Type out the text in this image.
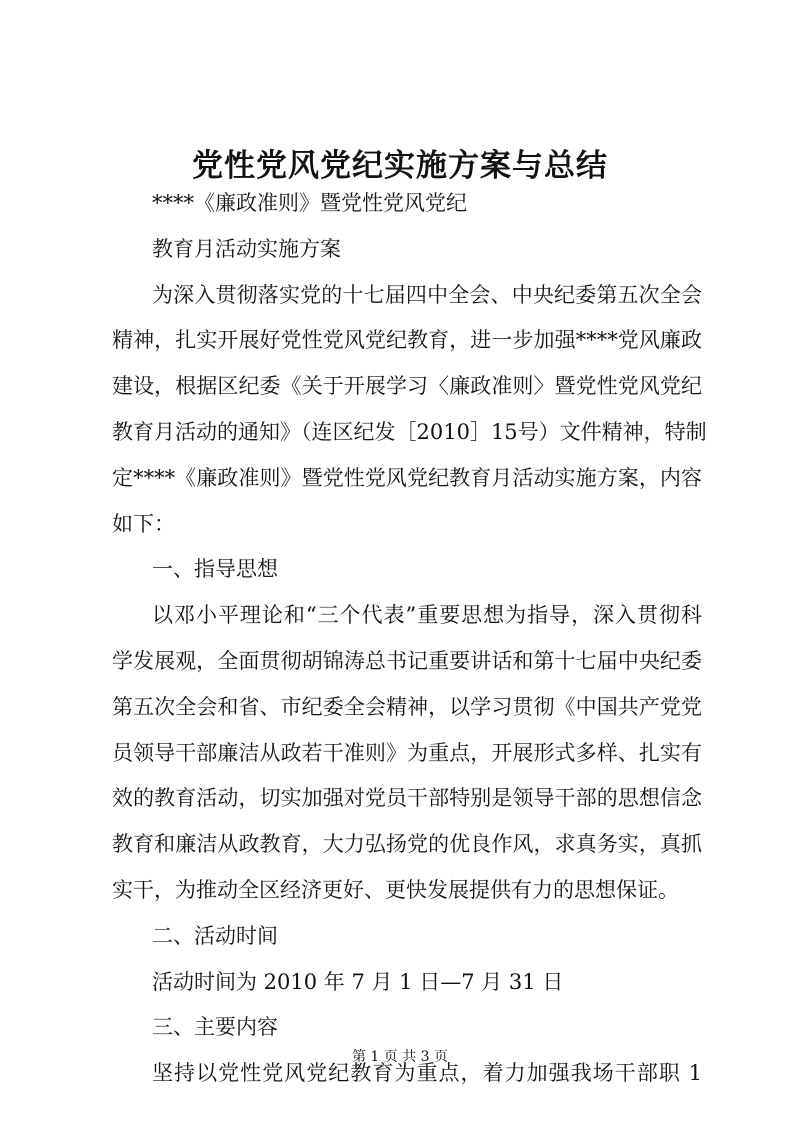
党性党风党纪实施方案与总结

****《廉政准则》暨党性党风党纪

教育月活动实施方案

为深入贯彻落实党的十七届四中全会、中央纪委第五次全会

精神，扎实开展好党性党风党纪教育，进一步加强****党风廉政

建设，根据区纪委《关于开展学习〈廉政准则〉暨党性党风党纪

教育月活动的通知》（连区纪发［2010］15号）文件精神，特制

定****《廉政准则》暨党性党风党纪教育月活动实施方案，内容

如下：

一、指导思想

以邓小平理论和“三个代表”重要思想为指导，深入贯彻科

学发展观，全面贯彻胡锦涛总书记重要讲话和第十七届中央纪委

第五次全会和省、市纪委全会精神，以学习贯彻《中国共产党党

员领导干部廉洁从政若干准则》为重点，开展形式多样、扎实有

效的教育活动，切实加强对党员干部特别是领导干部的思想信念

教育和廉洁从政教育，大力弘扬党的优良作风，求真务实，真抓

实干，为推动全区经济更好、更快发展提供有力的思想保证。

二、活动时间

活动时间为 2010 年 7 月 1 日—7 月 31 日

三、主要内容

坚持以党性党风党纪教育为重点，着力加强我场干部职 1

第 1 页 共 3 页
